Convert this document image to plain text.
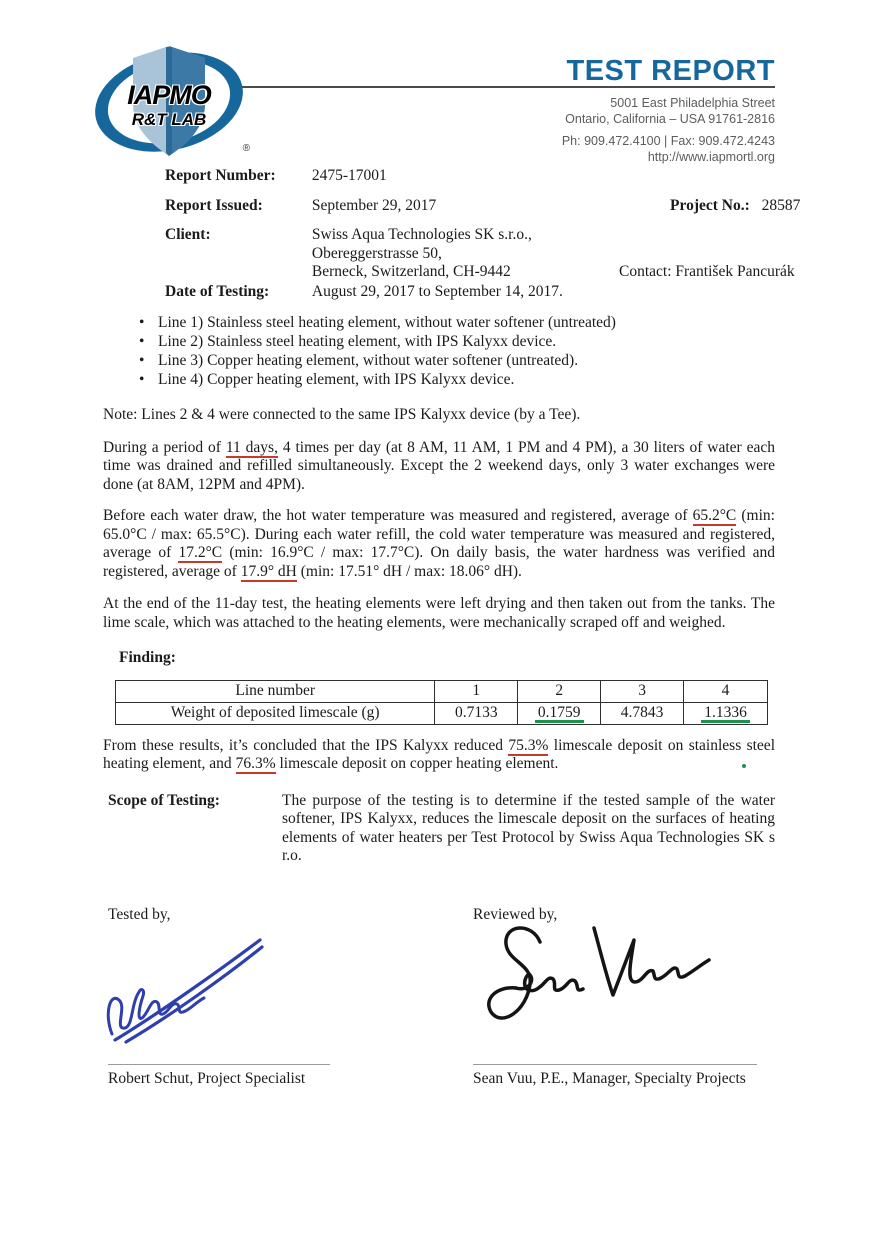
IAPMO
R&T LAB
®
TEST REPORT
5001 East Philadelphia Street
Ontario, California – USA 91761-2816
Ph: 909.472.4100 | Fax: 909.472.4243
http://www.iapmortl.org
Report Number: 2475-17001
Report Issued:	September 29, 2017	Project No.: 28587
Client:	Swiss Aqua Technologies SK s.r.o.,
Obereggerstrasse 50,
Berneck, Switzerland, CH-9442	Contact: František Pancurák
Date of Testing:	August 29, 2017 to September 14, 2017.
• Line 1) Stainless steel heating element, without water softener (untreated)
• Line 2) Stainless steel heating element, with IPS Kalyxx device.
• Line 3) Copper heating element, without water softener (untreated).
• Line 4) Copper heating element, with IPS Kalyxx device.
Note: Lines 2 & 4 were connected to the same IPS Kalyxx device (by a Tee).
During a period of 11 days, 4 times per day (at 8 AM, 11 AM, 1 PM and 4 PM), a 30 liters of water each time was drained and refilled simultaneously. Except the 2 weekend days, only 3 water exchanges were done (at 8AM, 12PM and 4PM).
Before each water draw, the hot water temperature was measured and registered, average of 65.2°C (min: 65.0°C / max: 65.5°C). During each water refill, the cold water temperature was measured and registered, average of 17.2°C (min: 16.9°C / max: 17.7°C). On daily basis, the water hardness was verified and registered, average of 17.9° dH (min: 17.51° dH / max: 18.06° dH).
At the end of the 11-day test, the heating elements were left drying and then taken out from the tanks. The lime scale, which was attached to the heating elements, were mechanically scraped off and weighed.
Finding:
Line number	1	2	3	4
Weight of deposited limescale (g)	0.7133	0.1759	4.7843	1.1336
From these results, it’s concluded that the IPS Kalyxx reduced 75.3% limescale deposit on stainless steel heating element, and 76.3% limescale deposit on copper heating element.
Scope of Testing:	The purpose of the testing is to determine if the tested sample of the water softener, IPS Kalyxx, reduces the limescale deposit on the surfaces of heating elements of water heaters per Test Protocol by Swiss Aqua Technologies SK s r.o.
Tested by,	Reviewed by,
Robert Schut, Project Specialist	Sean Vuu, P.E., Manager, Specialty Projects
